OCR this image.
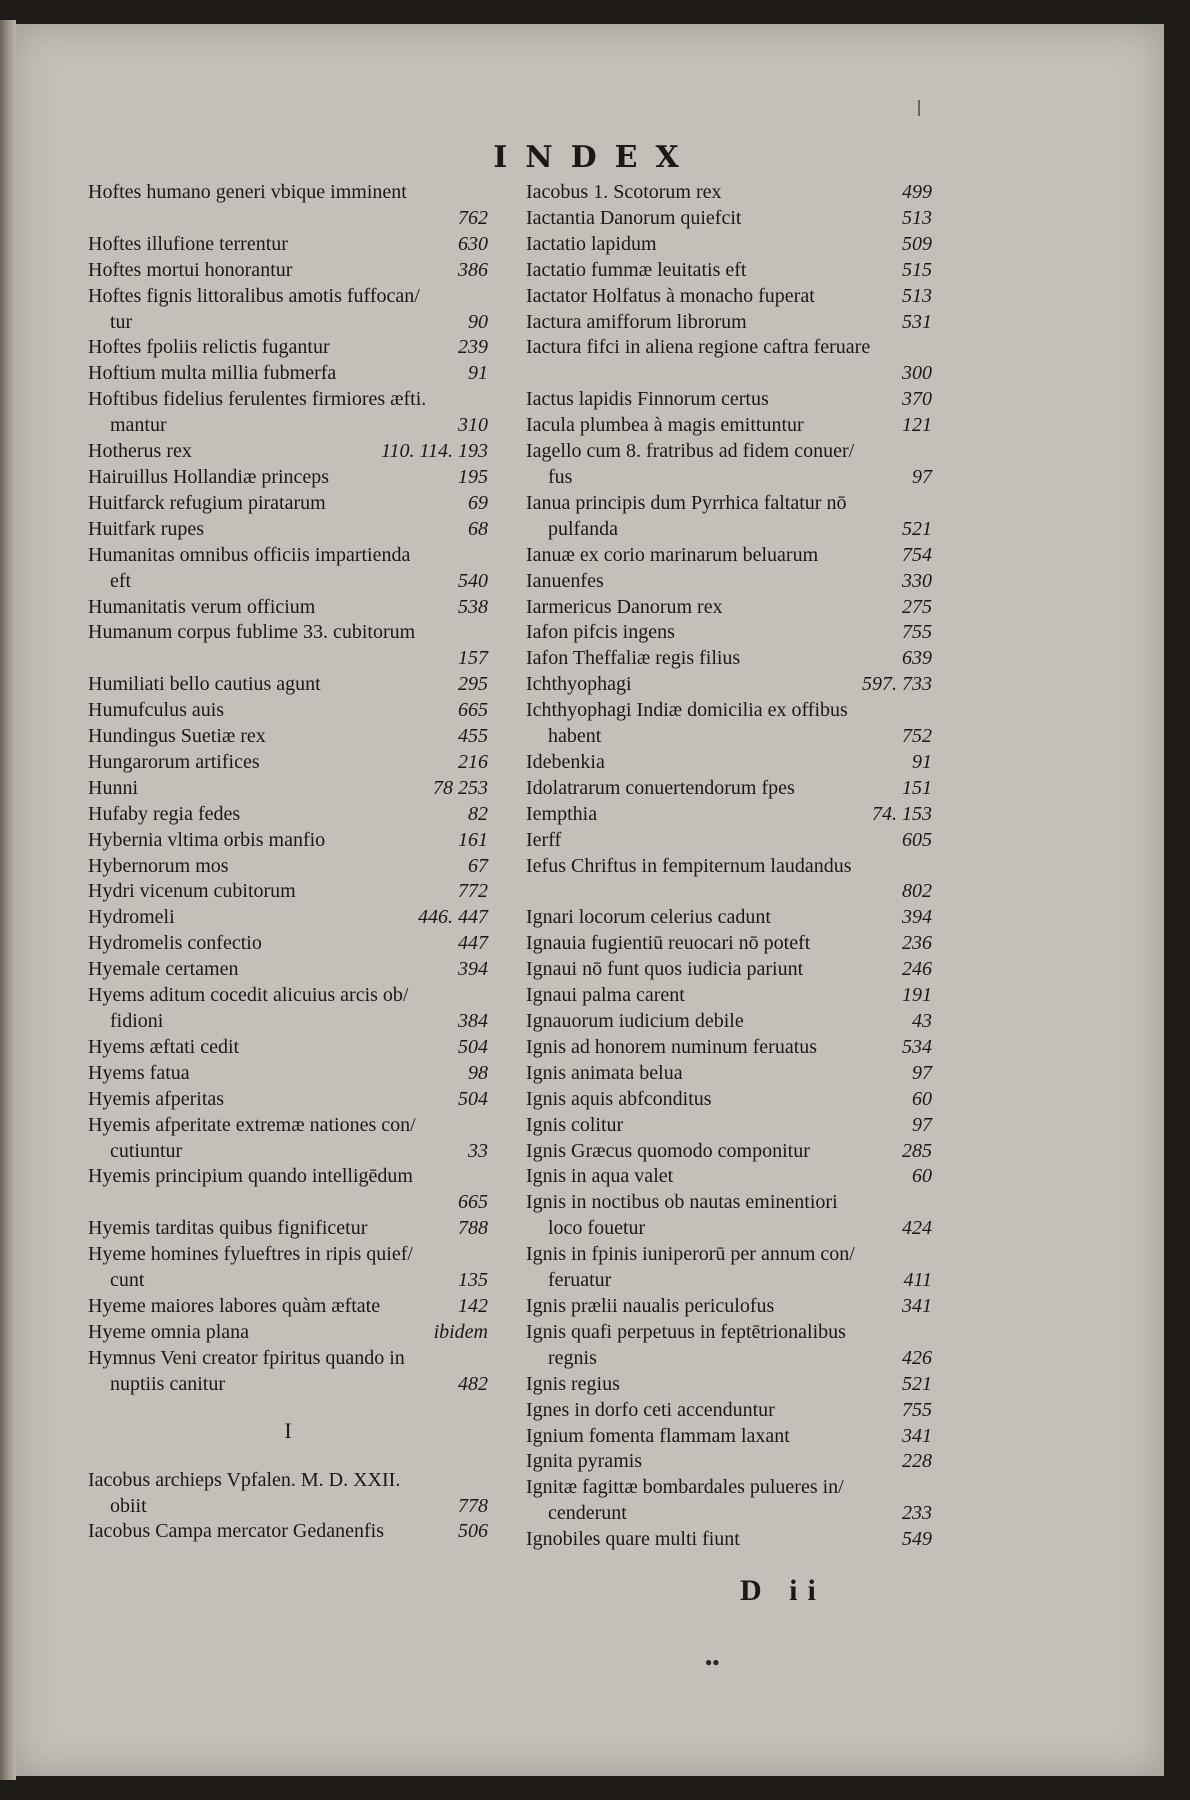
INDEX
Hoftes humano generi vbique imminent

762
Hoftes illufione terrentur	630
Hoftes mortui honorantur	386
Hoftes fignis littoralibus amotis fuffocan/
tur	90
Hoftes fpoliis relictis fugantur	239
Hoftium multa millia fubmerfa	91
Hoftibus fidelius ferulentes firmiores æfti.
mantur	310
Hotherus rex	110. 114. 193
Hairuillus Hollandiæ princeps	195
Huitfarck refugium piratarum	69
Huitfark rupes	68
Humanitas omnibus officiis impartienda
eft	540
Humanitatis verum officium	538
Humanum corpus fublime 33. cubitorum

157
Humiliati bello cautius agunt	295
Humufculus auis	665
Hundingus Suetiæ rex	455
Hungarorum artifices	216
Hunni	78 253
Hufaby regia fedes	82
Hybernia vltima orbis manfio	161
Hybernorum mos	67
Hydri vicenum cubitorum	772
Hydromeli	446. 447
Hydromelis confectio	447
Hyemale certamen	394
Hyems aditum cocedit alicuius arcis ob/
fidioni	384
Hyems æftati cedit	504
Hyems fatua	98
Hyemis afperitas	504
Hyemis afperitate extremæ nationes con/
cutiuntur	33
Hyemis principium quando intelligēdum

665
Hyemis tarditas quibus fignificetur	788
Hyeme homines fylueftres in ripis quief/
cunt	135
Hyeme maiores labores quàm æftate	142
Hyeme omnia plana	ibidem
Hymnus Veni creator fpiritus quando in
nuptiis canitur	482
I
Iacobus archieps Vpfalen. M. D. XXII.
obiit	778
Iacobus Campa mercator Gedanenfis	506
Iacobus 1. Scotorum rex	499
Iactantia Danorum quiefcit	513
Iactatio lapidum	509
Iactatio fummæ leuitatis eft	515
Iactator Holfatus à monacho fuperat	513
Iactura amifforum librorum	531
Iactura fifci in aliena regione caftra feruare

300
Iactus lapidis Finnorum certus	370
Iacula plumbea à magis emittuntur	121
Iagello cum 8. fratribus ad fidem conuer/
fus	97
Ianua principis dum Pyrrhica faltatur nō
pulfanda	521
Ianuæ ex corio marinarum beluarum	754
Ianuenfes	330
Iarmericus Danorum rex	275
Iafon pifcis ingens	755
Iafon Theffaliæ regis filius	639
Ichthyophagi	597. 733
Ichthyophagi Indiæ domicilia ex offibus
habent	752
Idebenkia	91
Idolatrarum conuertendorum fpes	151
Iempthia	74. 153
Ierff	605
Iefus Chriftus in fempiternum laudandus

802
Ignari locorum celerius cadunt	394
Ignauia fugientiū reuocari nō poteft	236
Ignaui nō funt quos iudicia pariunt	246
Ignaui palma carent	191
Ignauorum iudicium debile	43
Ignis ad honorem numinum feruatus	534
Ignis animata belua	97
Ignis aquis abfconditus	60
Ignis colitur	97
Ignis Græcus quomodo componitur	285
Ignis in aqua valet	60
Ignis in noctibus ob nautas eminentiori
loco fouetur	424
Ignis in fpinis iuniperorū per annum con/
feruatur	411
Ignis prælii naualis periculofus	341
Ignis quafi perpetuus in feptētrionalibus
regnis	426
Ignis regius	521
Ignes in dorfo ceti accenduntur	755
Ignium fomenta flammam laxant	341
Ignita pyramis	228
Ignitæ fagittæ bombardales pulueres in/
cenderunt	233
Ignobiles quare multi fiunt	549
D ii
●●
